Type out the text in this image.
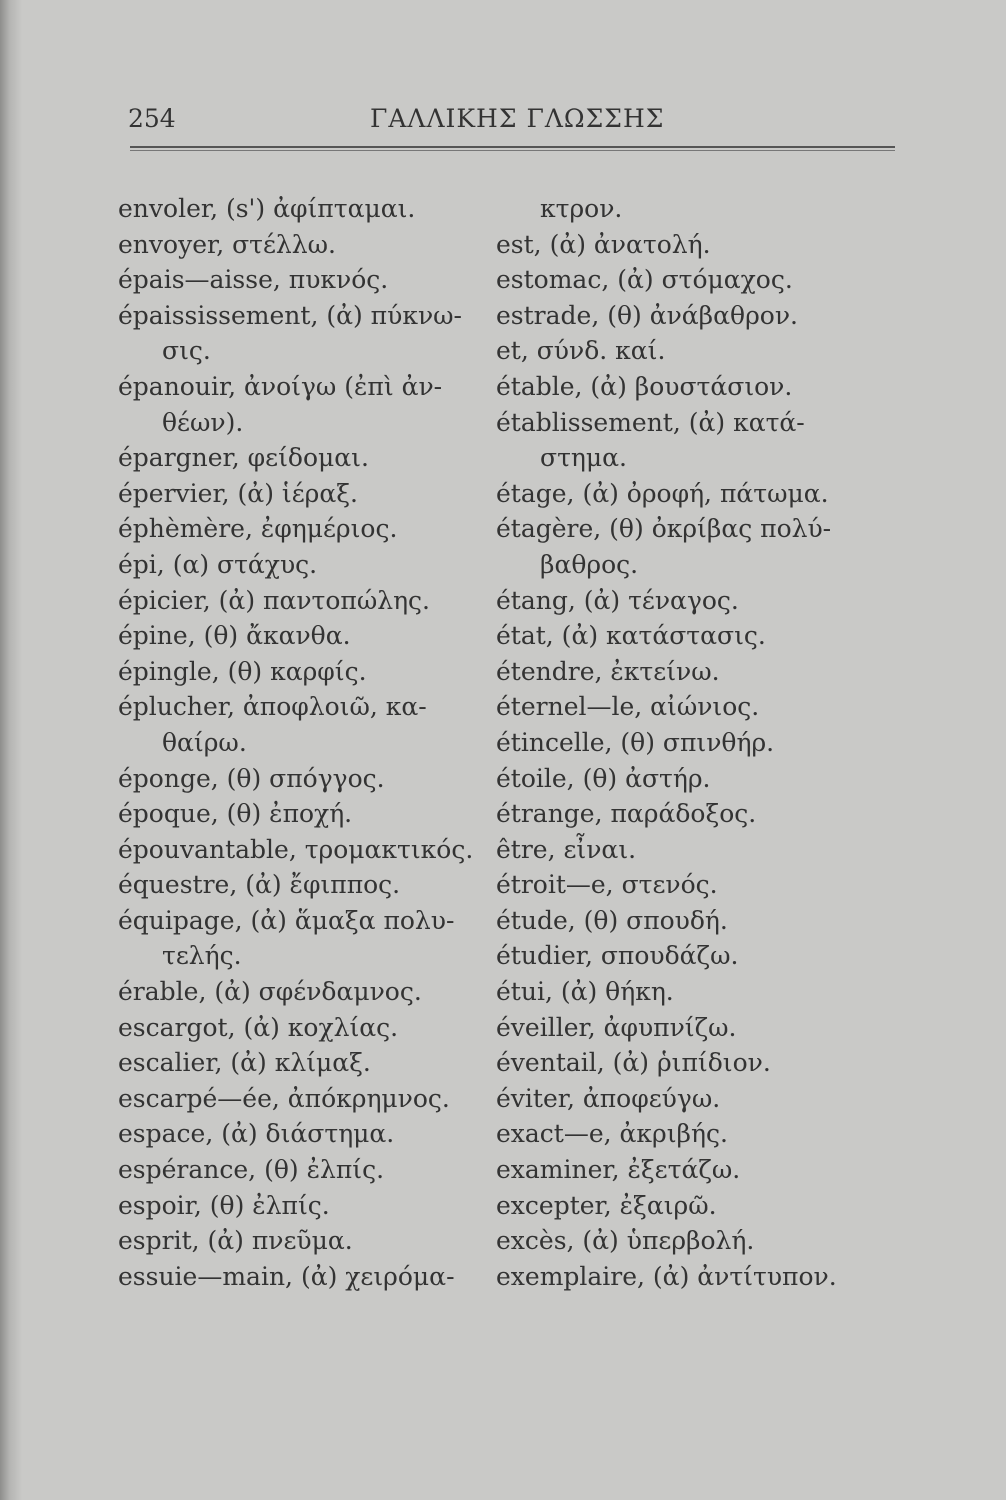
254	ΓΑΛΛΙΚΗΣ ΓΛΩΣΣΗΣ
envoler, (s') ἀφίπταμαι.
envoyer, στέλλω.
épais—aisse, πυκνός.
épaississement, (ἀ) πύκνω-
σις.
épanouir, ἀνοίγω (ἐπὶ ἀν-
θέων).
épargner, φείδομαι.
épervier, (ἀ) ἱέραξ.
éphèmère, ἐφημέριος.
épi, (α) στάχυς.
épicier, (ἀ) παντοπώλης.
épine, (θ) ἄκανθα.
épingle, (θ) καρφίς.
éplucher, ἀποφλοιῶ, κα-
θαίρω.
éponge, (θ) σπόγγος.
époque, (θ) ἐποχή.
épouvantable, τρομακτικός.
équestre, (ἀ) ἔφιππος.
équipage, (ἀ) ἅμαξα πολυ-
τελής.
érable, (ἀ) σφένδαμνος.
escargot, (ἀ) κοχλίας.
escalier, (ἀ) κλίμαξ.
escarpé—ée, ἀπόκρημνος.
espace, (ἀ) διάστημα.
espérance, (θ) ἐλπίς.
espoir, (θ) ἐλπίς.
esprit, (ἀ) πνεῦμα.
essuie—main, (ἀ) χειρόμα-
κτρον.
est, (ἀ) ἀνατολή.
estomac, (ἀ) στόμαχος.
estrade, (θ) ἀνάβαθρον.
et, σύνδ. καί.
étable, (ἀ) βουστάσιον.
établissement, (ἀ) κατά-
στημα.
étage, (ἀ) ὀροφή, πάτωμα.
étagère, (θ) ὀκρίβας πολύ-
βαθρος.
étang, (ἀ) τέναγος.
état, (ἀ) κατάστασις.
étendre, ἐκτείνω.
éternel—le, αἰώνιος.
étincelle, (θ) σπινθήρ.
étoile, (θ) ἀστήρ.
étrange, παράδοξος.
être, εἶναι.
étroit—e, στενός.
étude, (θ) σπουδή.
étudier, σπουδάζω.
étui, (ἀ) θήκη.
éveiller, ἀφυπνίζω.
éventail, (ἀ) ῥιπίδιον.
éviter, ἀποφεύγω.
exact—e, ἀκριβής.
examiner, ἐξετάζω.
excepter, ἐξαιρῶ.
excès, (ἀ) ὑπερβολή.
exemplaire, (ἀ) ἀντίτυπον.
